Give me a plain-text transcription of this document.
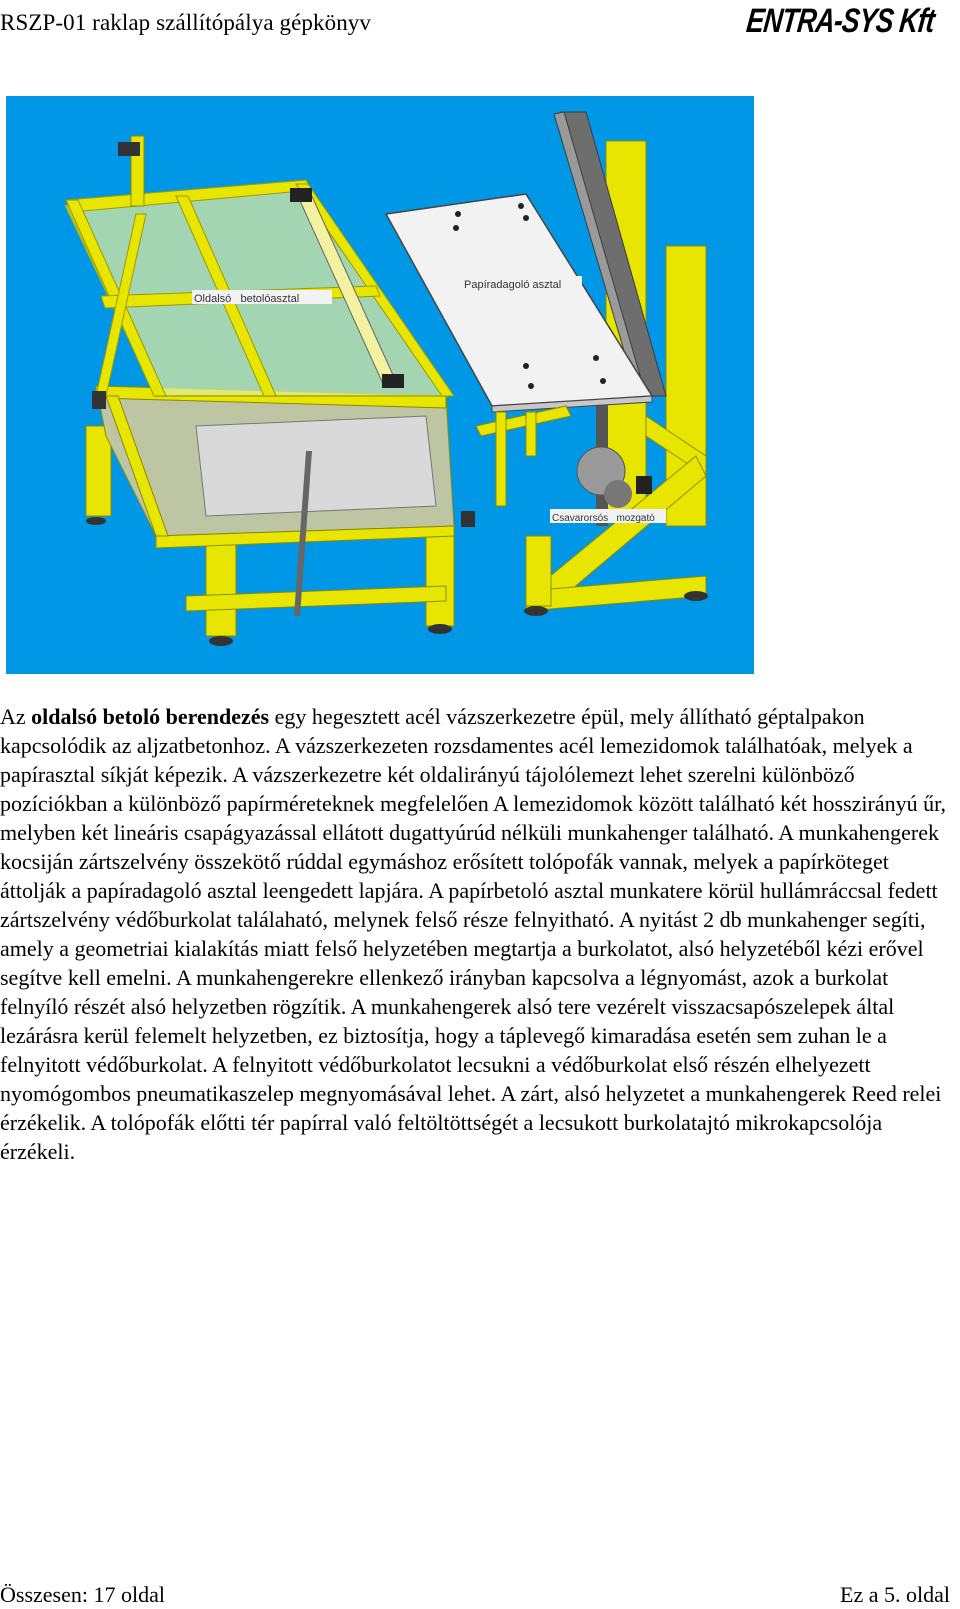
RSZP-01 raklap szállítópálya gépkönyv	ENTRA-SYS Kft
Papíradagoló asztal
Oldalsó   betolóasztal
Csavarorsós   mozgató
Az oldalsó betoló berendezés egy hegesztett acél vázszerkezetre épül, mely állítható géptalpakon kapcsolódik az aljzatbetonhoz. A vázszerkezeten rozsdamentes acél lemezidomok találhatóak, melyek a papírasztal síkját képezik. A vázszerkezetre két oldalirányú tájolólemezt lehet szerelni különböző pozíciókban a különböző papírméreteknek megfelelően A lemezidomok között található két hosszirányú űr, melyben két lineáris csapágyazással ellátott dugattyúrúd nélküli munkahenger található. A munkahengerek kocsiján zártszelvény összekötő rúddal egymáshoz erősített tolópofák vannak, melyek a papírköteget áttolják a papíradagoló asztal leengedett lapjára. A papírbetoló asztal munkatere körül hullámráccsal fedett zártszelvény védőburkolat találaható, melynek felső része felnyitható. A nyitást 2 db munkahenger segíti, amely a geometriai kialakítás miatt felső helyzetében megtartja a burkolatot, alsó helyzetéből kézi erővel segítve kell emelni. A munkahengerekre ellenkező irányban kapcsolva a légnyomást, azok a burkolat felnyíló részét alsó helyzetben rögzítik. A munkahengerek alsó tere vezérelt visszacsapószelepek által lezárásra kerül felemelt helyzetben, ez biztosítja, hogy a táplevegő kimaradása esetén sem zuhan le a felnyitott védőburkolat. A felnyitott védőburkolatot lecsukni a védőburkolat első részén elhelyezett nyomógombos pneumatikaszelep megnyomásával lehet. A zárt, alsó helyzetet a munkahengerek Reed relei érzékelik. A tolópofák előtti tér papírral való feltöltöttségét a lecsukott burkolatajtó mikrokapcsolója érzékeli.
Összesen: 17 oldal	Ez a 5. oldal
